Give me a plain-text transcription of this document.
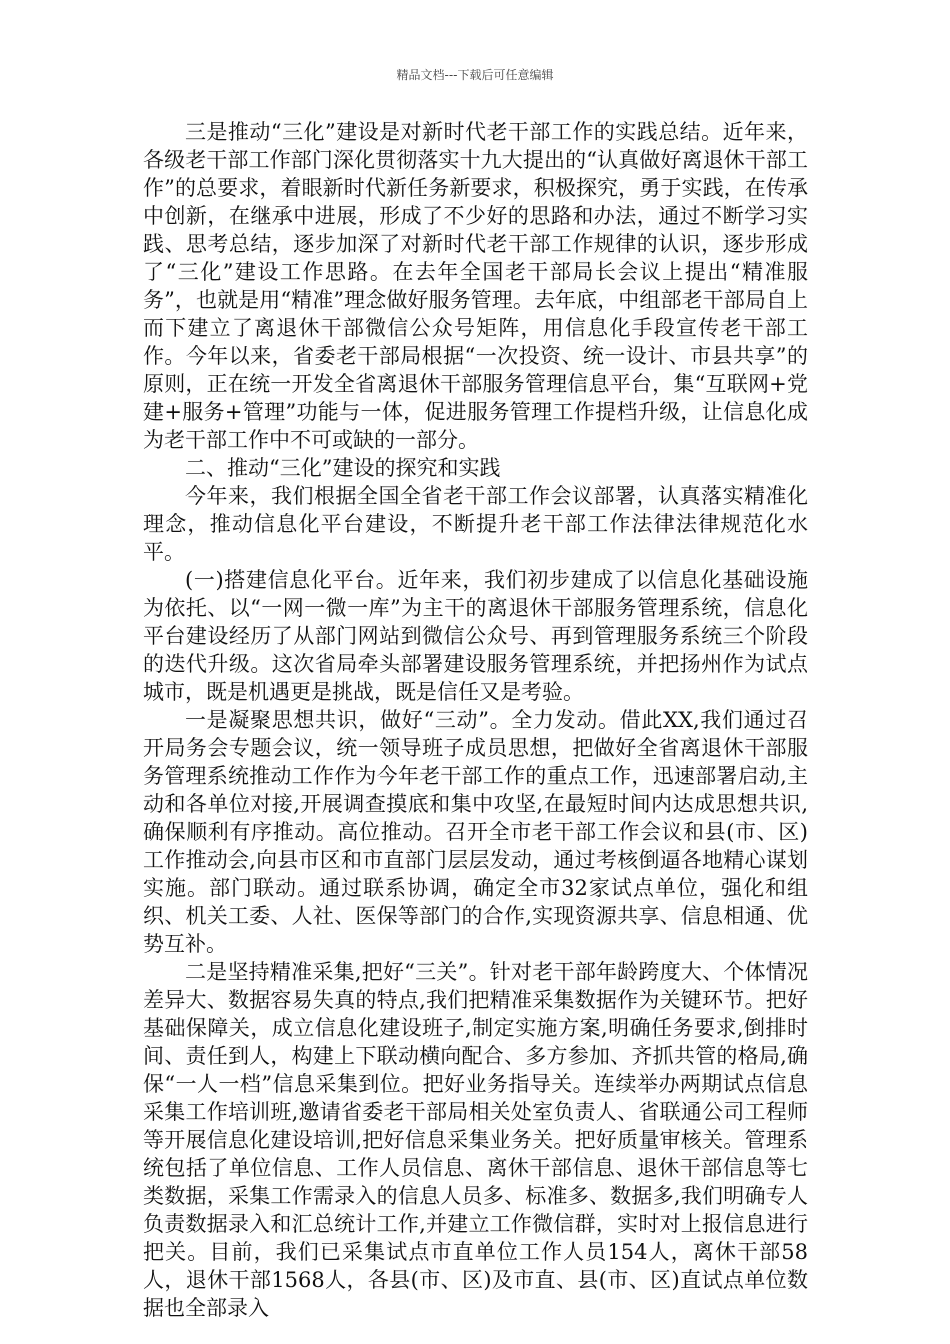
精品文档---下载后可任意编辑

三是推动“三化”建设是对新时代老干部工作的实践总结。近年来，各级老干部工作部门深化贯彻落实十九大提出的“认真做好离退休干部工作”的总要求，着眼新时代新任务新要求，积极探究，勇于实践，在传承中创新，在继承中进展，形成了不少好的思路和办法，通过不断学习实践、思考总结，逐步加深了对新时代老干部工作规律的认识，逐步形成了“三化”建设工作思路。在去年全国老干部局长会议上提出“精准服务”，也就是用“精准”理念做好服务管理。去年底，中组部老干部局自上而下建立了离退休干部微信公众号矩阵，用信息化手段宣传老干部工作。今年以来，省委老干部局根据“一次投资、统一设计、市县共享”的原则，正在统一开发全省离退休干部服务管理信息平台，集“互联网+党建+服务+管理”功能与一体，促进服务管理工作提档升级，让信息化成为老干部工作中不可或缺的一部分。

二、推动“三化”建设的探究和实践

今年来，我们根据全国全省老干部工作会议部署，认真落实精准化理念，推动信息化平台建设，不断提升老干部工作法律法律规范化水平。

(一)搭建信息化平台。近年来，我们初步建成了以信息化基础设施为依托、以“一网一微一库”为主干的离退休干部服务管理系统，信息化平台建设经历了从部门网站到微信公众号、再到管理服务系统三个阶段的迭代升级。这次省局牵头部署建设服务管理系统，并把扬州作为试点城市，既是机遇更是挑战，既是信任又是考验。

一是凝聚思想共识，做好“三动”。全力发动。借此XX,我们通过召开局务会专题会议，统一领导班子成员思想，把做好全省离退休干部服务管理系统推动工作作为今年老干部工作的重点工作，迅速部署启动,主动和各单位对接,开展调查摸底和集中攻坚,在最短时间内达成思想共识,确保顺利有序推动。高位推动。召开全市老干部工作会议和县(市、区)工作推动会,向县市区和市直部门层层发动，通过考核倒逼各地精心谋划实施。部门联动。通过联系协调，确定全市32家试点单位，强化和组织、机关工委、人社、医保等部门的合作,实现资源共享、信息相通、优势互补。

二是坚持精准采集,把好“三关”。针对老干部年龄跨度大、个体情况差异大、数据容易失真的特点,我们把精准采集数据作为关键环节。把好基础保障关，成立信息化建设班子,制定实施方案,明确任务要求,倒排时间、责任到人，构建上下联动横向配合、多方参加、齐抓共管的格局,确保“一人一档”信息采集到位。把好业务指导关。连续举办两期试点信息采集工作培训班,邀请省委老干部局相关处室负责人、省联通公司工程师等开展信息化建设培训,把好信息采集业务关。把好质量审核关。管理系统包括了单位信息、工作人员信息、离休干部信息、退休干部信息等七类数据，采集工作需录入的信息人员多、标准多、数据多,我们明确专人负责数据录入和汇总统计工作,并建立工作微信群，实时对上报信息进行把关。目前，我们已采集试点市直单位工作人员154人，离休干部58人，退休干部1568人，各县(市、区)及市直、县(市、区)直试点单位数据也全部录入
